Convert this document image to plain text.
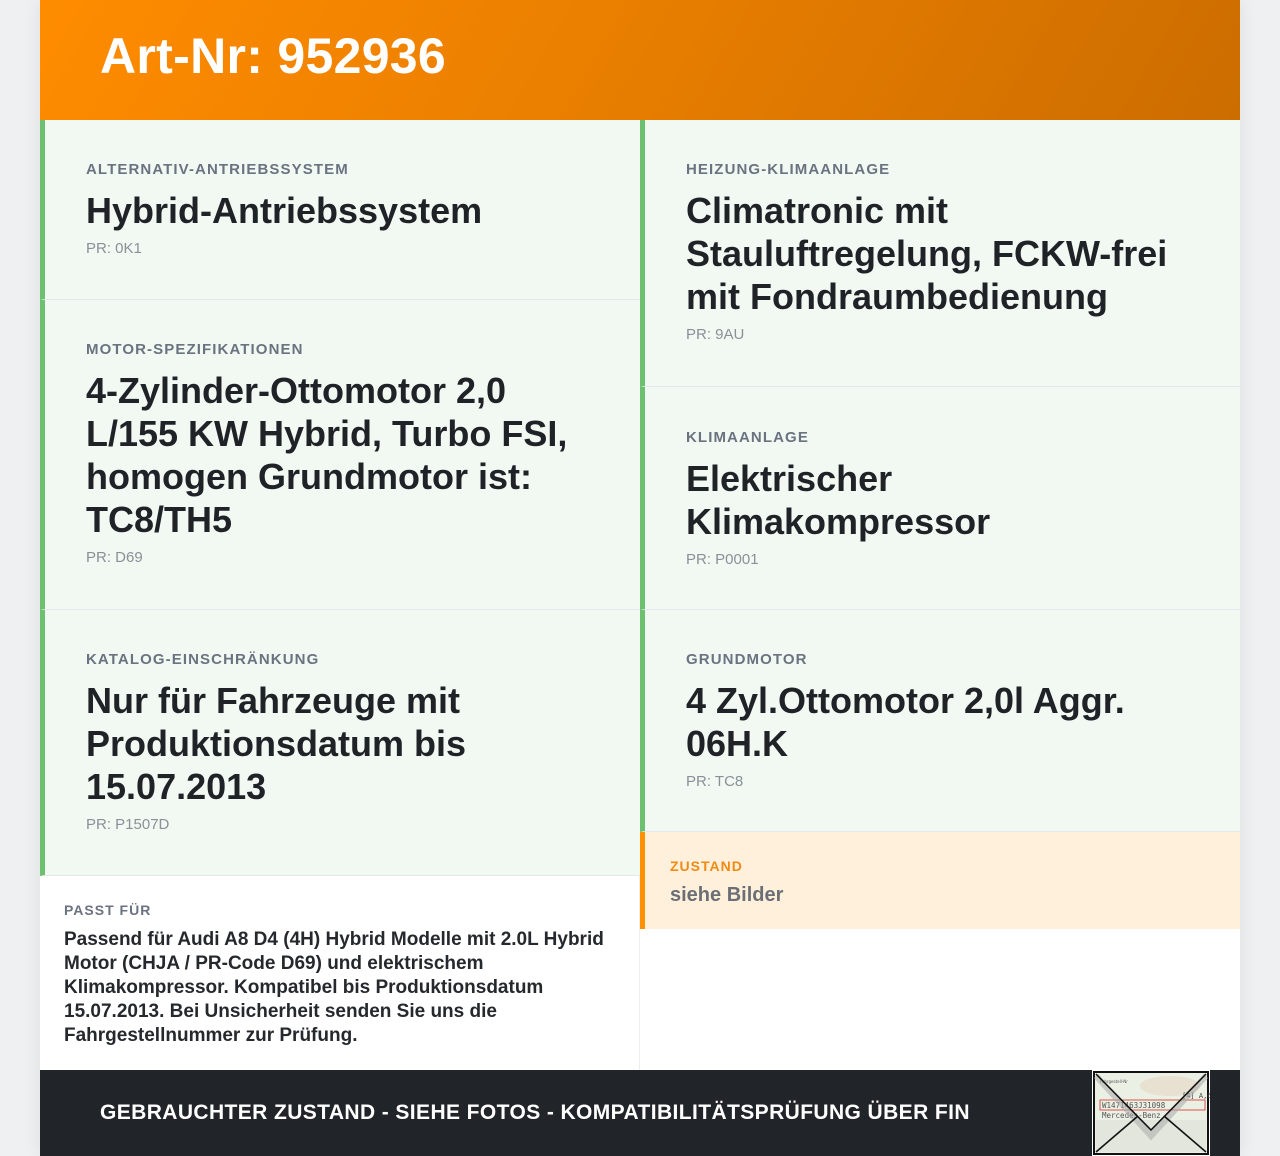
Art-Nr: 952936
ALTERNATIV-ANTRIEBSSYSTEM
Hybrid-Antriebssystem
PR: 0K1
MOTOR-SPEZIFIKATIONEN
4-Zylinder-Ottomotor 2,0 L/155 KW Hybrid, Turbo FSI, homogen Grundmotor ist: TC8/TH5
PR: D69
KATALOG-EINSCHRÄNKUNG
Nur für Fahrzeuge mit Produktionsdatum bis 15.07.2013
PR: P1507D
HEIZUNG-KLIMAANLAGE
Climatronic mit Stauluftregelung, FCKW-frei mit Fondraumbedienung
PR: 9AU
KLIMAANLAGE
Elektrischer Klimakompressor
PR: P0001
GRUNDMOTOR
4 Zyl.Ottomotor 2,0l Aggr. 06H.K
PR: TC8
PASST FÜR
Passend für Audi A8 D4 (4H) Hybrid Modelle mit 2.0L Hybrid Motor (CHJA / PR-Code D69) und elektrischem Klimakompressor. Kompatibel bis Produktionsdatum 15.07.2013. Bei Unsicherheit senden Sie uns die Fahrgestellnummer zur Prüfung.
ZUSTAND
siehe Bilder
GEBRAUCHTER ZUSTAND - SIEHE FOTOS - KOMPATIBILITÄTSPRÜFUNG ÜBER FIN
Fahrgestell-Nr
[4] A,6
W1471463J31098
Mercedes-Benz
